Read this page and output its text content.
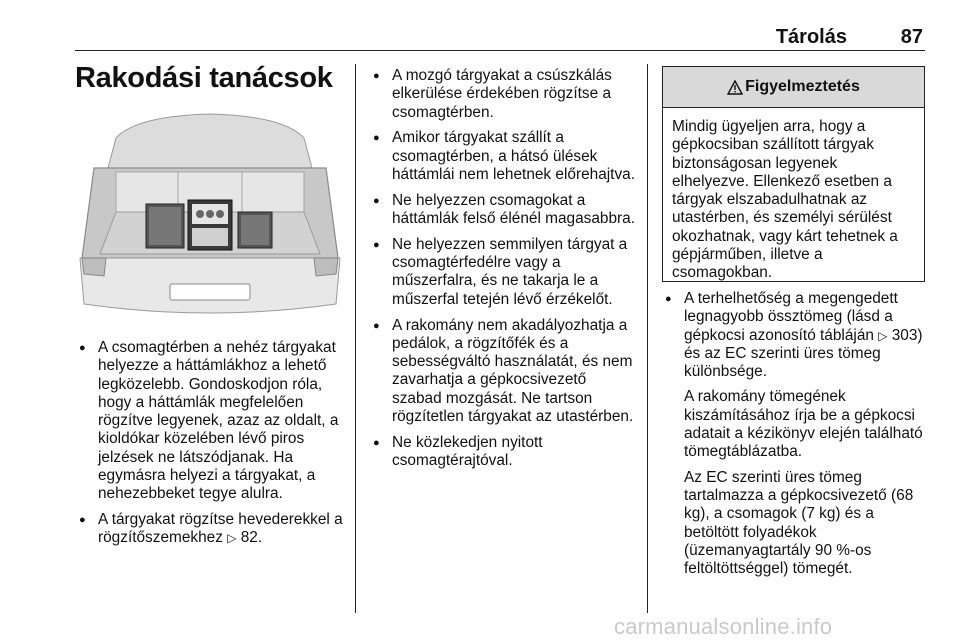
Tárolás	87
Rakodási tanácsok
● A csomagtérben a nehéz tárgyakat helyezze a háttámlákhoz a lehető legközelebb. Gondoskodjon róla, hogy a háttámlák megfelelően rögzítve legyenek, azaz az oldalt, a kioldókar közelében lévő piros jelzések ne látszódjanak. Ha egymásra helyezi a tárgyakat, a nehezebbeket tegye alulra.
● A tárgyakat rögzítse hevederekkel a rögzítőszemekhez ▷ 82.
● A mozgó tárgyakat a csúszkálás elkerülése érdekében rögzítse a csomagtérben.
● Amikor tárgyakat szállít a csomagtérben, a hátsó ülések háttámlái nem lehetnek előrehajtva.
● Ne helyezzen csomagokat a háttámlák felső élénél magasabbra.
● Ne helyezzen semmilyen tárgyat a csomagtérfedélre vagy a műszerfalra, és ne takarja le a műszerfal tetején lévő érzékelőt.
● A rakomány nem akadályozhatja a pedálok, a rögzítőfék és a sebességváltó használatát, és nem zavarhatja a gépkocsivezető szabad mozgását. Ne tartson rögzítetlen tárgyakat az utastérben.
● Ne közlekedjen nyitott csomagtérajtóval.
Figyelmeztetés
Mindig ügyeljen arra, hogy a gépkocsiban szállított tárgyak biztonságosan legyenek elhelyezve. Ellenkező esetben a tárgyak elszabadulhatnak az utastérben, és személyi sérülést okozhatnak, vagy kárt tehetnek a gépjárműben, illetve a csomagokban.
● A terhelhetőség a megengedett legnagyobb össztömeg (lásd a gépkocsi azonosító tábláján ▷ 303) és az EC szerinti üres tömeg különbsége.
A rakomány tömegének kiszámításához írja be a gépkocsi adatait a kézikönyv elején található tömegtáblázatba.
Az EC szerinti üres tömeg tartalmazza a gépkocsivezető (68 kg), a csomagok (7 kg) és a betöltött folyadékok (üzemanyagtartály 90 %-os feltöltöttséggel) tömegét.
carmanualsonline.info
